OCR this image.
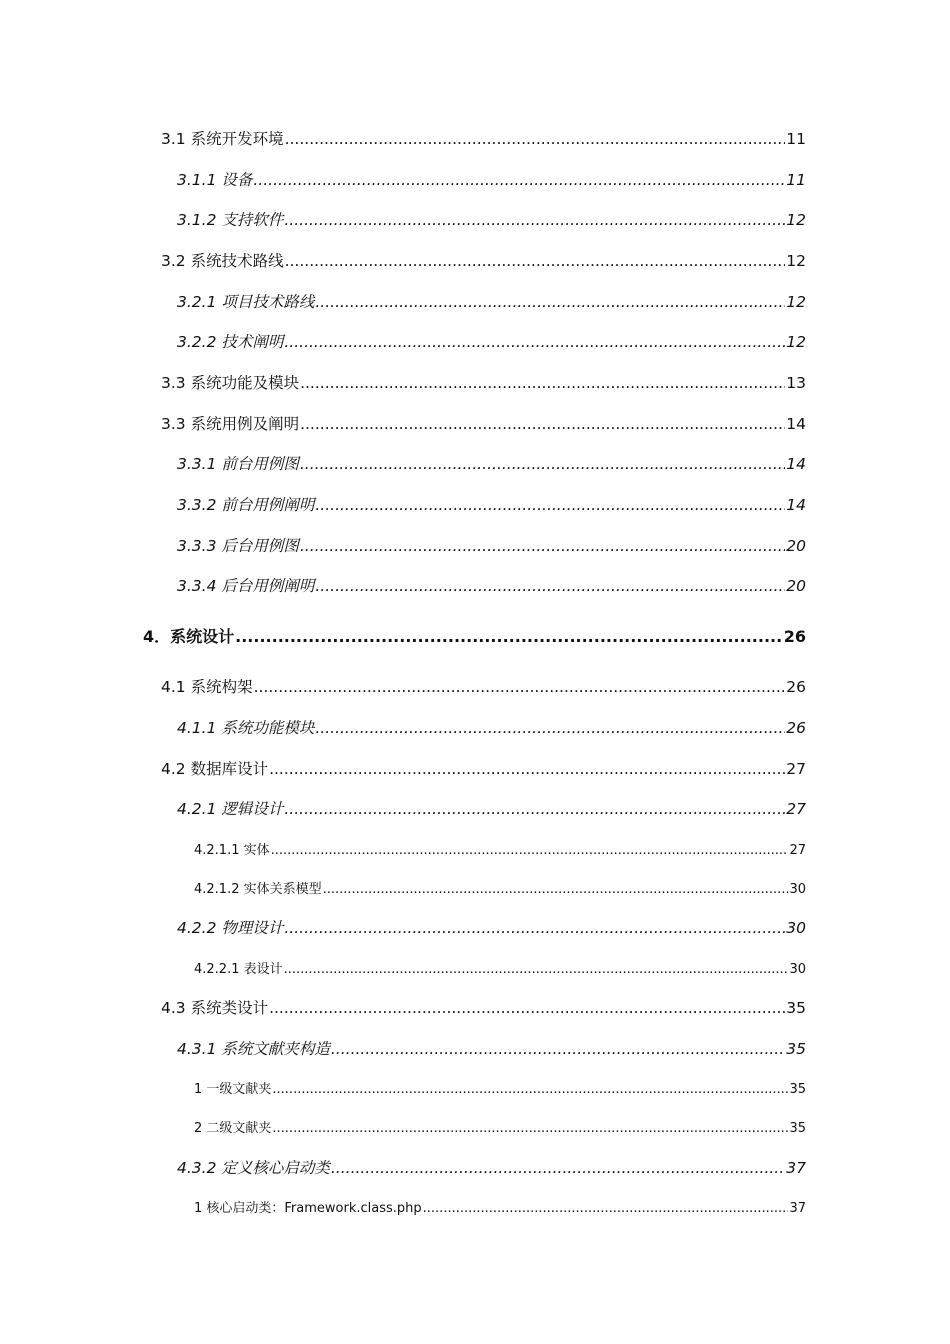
3.1 系统开发环境 .....	11
3.1.1 设备 .....	11
3.1.2 支持软件 .....	12
3.2 系统技术路线 .....	12
3.2.1 项目技术路线 .....	12
3.2.2 技术阐明 .....	12
3.3 系统功能及模块 .....	13
3.3 系统用例及阐明 .....	14
3.3.1 前台用例图 .....	14
3.3.2 前台用例阐明 .....	14
3.3.3 后台用例图 .....	20
3.3.4 后台用例阐明 .....	20
4．系统设计 .....	26
4.1 系统构架 .....	26
4.1.1 系统功能模块 .....	26
4.2 数据库设计 .....	27
4.2.1 逻辑设计 .....	27
4.2.1.1 实体 .....	27
4.2.1.2 实体关系模型 .....	30
4.2.2 物理设计 .....	30
4.2.2.1 表设计 .....	30
4.3 系统类设计 .....	35
4.3.1 系统文献夹构造 .....	35
1 一级文献夹 .....	35
2 二级文献夹 .....	35
4.3.2 定义核心启动类 .....	37
1 核心启动类：Framework.class.php .....	37
